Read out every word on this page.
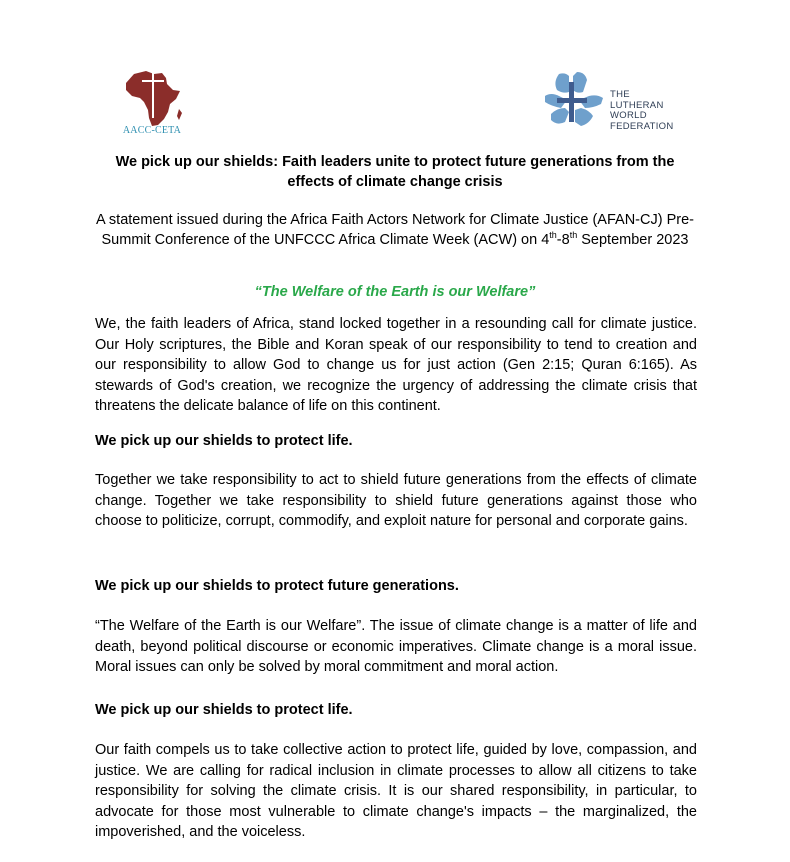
AACC-CETA
THE
LUTHERAN
WORLD
FEDERATION
We pick up our shields: Faith leaders unite to protect future generations from the effects of climate change crisis
A statement issued during the Africa Faith Actors Network for Climate Justice (AFAN-CJ) Pre-Summit Conference of the UNFCCC Africa Climate Week (ACW) on 4th-8th September 2023
“The Welfare of the Earth is our Welfare”
We, the faith leaders of Africa, stand locked together in a resounding call for climate justice. Our Holy scriptures, the Bible and Koran speak of our responsibility to tend to creation and our responsibility to allow God to change us for just action (Gen 2:15; Quran 6:165). As stewards of God's creation, we recognize the urgency of addressing the climate crisis that threatens the delicate balance of life on this continent.
We pick up our shields to protect life.
Together we take responsibility to act to shield future generations from the effects of climate change. Together we take responsibility to shield future generations against those who choose to politicize, corrupt, commodify, and exploit nature for personal and corporate gains.
We pick up our shields to protect future generations.
“The Welfare of the Earth is our Welfare”. The issue of climate change is a matter of life and death, beyond political discourse or economic imperatives. Climate change is a moral issue. Moral issues can only be solved by moral commitment and moral action.
We pick up our shields to protect life.
Our faith compels us to take collective action to protect life, guided by love, compassion, and justice. We are calling for radical inclusion in climate processes to allow all citizens to take responsibility for solving the climate crisis. It is our shared responsibility, in particular, to advocate for those most vulnerable to climate change's impacts – the marginalized, the impoverished, and the voiceless.
